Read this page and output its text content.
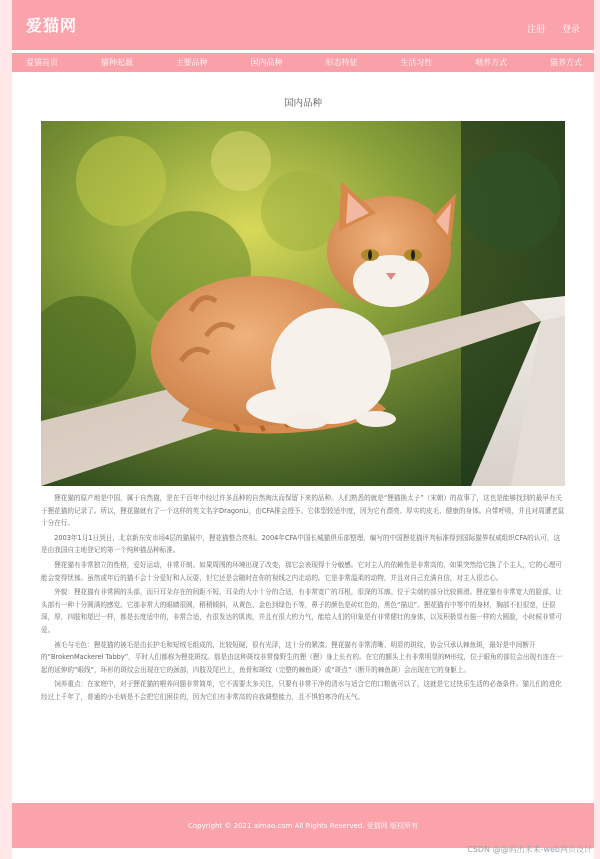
爱猫网	注册 登录
爱猫首页	猫种起源	主要品种	国内品种	形态特征	生活习性	喂养方式	猫养方式
国内品种

狸花猫的原产地是中国，属于自然猫，是在千百年中经过许多品种的自然淘汰而保留下来的品种。人们熟悉的就是“狸猫换太子”（宋朝）的故事了，这也是能够找到的最早有关于狸花猫的记录了。所以，狸花猫就有了一个这样的英文名字DragonLi，由CFA推会授予。它体型较适中度，因为它有漂亮、厚实的皮毛、健康的身体。自带呼吸，并且对周遭老鼠十分在行。

2003年1月1日到日，北京新东安市场4层的猫展中，狸花猫整合亮相。2004年CFA中国长城猫俱乐部整理，编写的中国狸花猫评判标准得到国际猫界权威组织CFA的认可，这是由我国自主地登记的第一个纯种猫品种标准。

狸花猫有非常独立的性格，爱好运动，非常开朗。如果周围的环境出现了改变，那它会表现得十分敏感。它对主人的依赖性是非常高的，如果突然给它换了个主人，它的心理可能会变得忧郁。虽然或年后的猫不会十分爱好和人玩耍，但它还是会随时在你的视线之内走动的。它是非常温柔的动物，并且对自己充满自信，对主人很忠心。

外貌：狸花猫有非常圆的头部，而只耳朵存在的间距不短，耳朵的大小十分的合适，有非常宽广的耳根，很深的耳廓。位于尖端的部分比较圆滑。狸花猫有非常宽大的脸部，让头部有一种十分圆满的感觉。它那非常大的眼睛很圆，稍稍倾斜，从黄色、金色到绿色不等，鼻子的颜色是砖红色的，黑色“描边”。狸花猫有中等中的身材，胸部不但很宽，还很深，厚，四肢和尾巴一样，都是长度适中的，非常合适，有很发达的肌肉，并且有很大的力气，能给人们的印象是有非常健壮的身体，以及积极显有强一样的大圆脸，小时候非常可爱。

被毛与毛色：狸花猫的被毛是由长护毛和短绒毛组成的，比较短硬，很有光泽，这十分的紧凑。狸花猫有非常清晰、明显的斑纹，协会只承认棘鱼斑，最好是中间断开的“BrokenMackerel Tabby”，平时人们都称为狸花斑纹。那是由这种斑纹非常像野生的狸（狸）身上长有的。在它的额头上有非常明显的M形纹，位于眼角的部位会出现有连在一起的延伸的“眼线”，环形的斑纹会出现在它的颈部，四肢及尾巴上，鱼骨和斑纹（完整的棘鱼斑）或“斑点”（断开的棘鱼斑）会出现在它的身躯上。

饲养重点：在家庭中，对于狸花猫的喂养问题非常简单，它不需要太多关注，只要有非常干净的清水与适合它的口粮就可以了，这就是它过快乐生活的必备条件。猫儿们的进化经过上千年了，普通的小毛病是不会把它们困住的，因为它们有非常高的自我调整能力，且不惧怕寒冷的天气。

Copyright © 2021 aimao.com All Rights Reserved. 爱猫网 版权所有
CSDN @@码出未来-web网页设计
